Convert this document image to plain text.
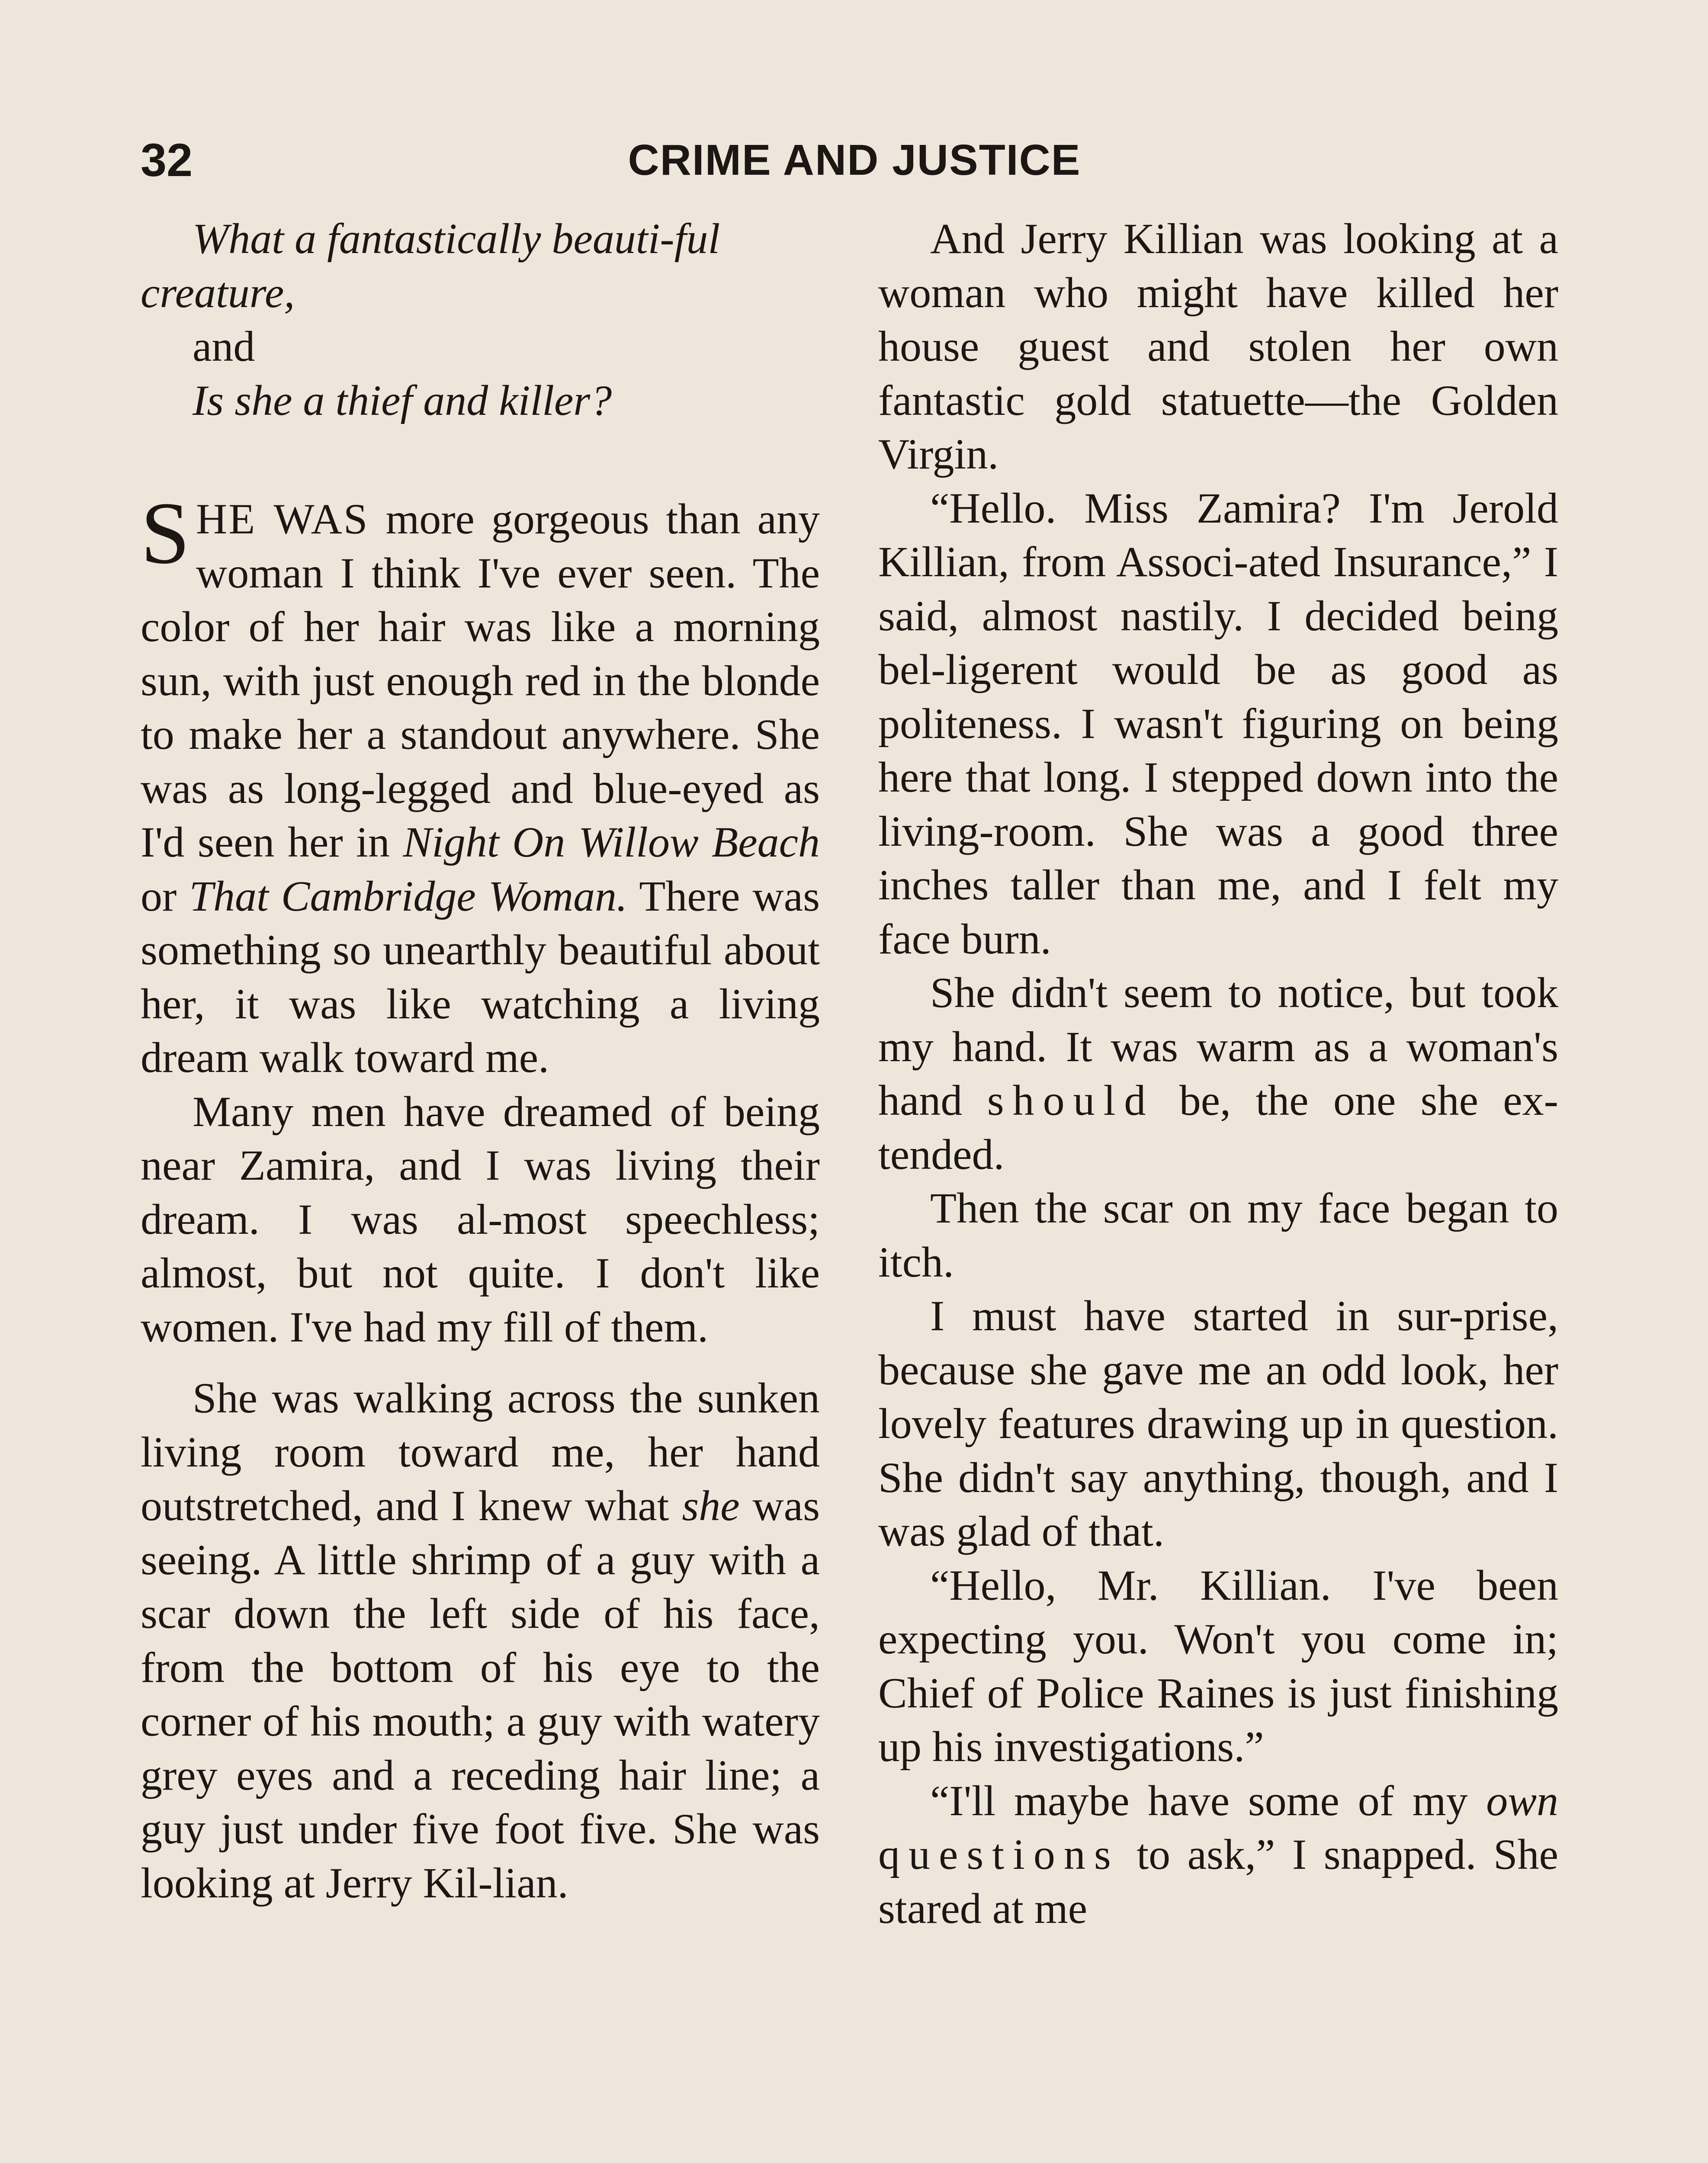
32	CRIME AND JUSTICE

What a fantastically beauti-ful creature,

and

Is she a thief and killer?

SHE WAS more gorgeous than any woman I think I've ever seen. The color of her hair was like a morning sun, with just enough red in the blonde to make her a standout anywhere. She was as long-legged and blue-eyed as I'd seen her in Night On Willow Beach or That Cambridge Woman. There was something so unearthly beautiful about her, it was like watching a living dream walk toward me.

Many men have dreamed of being near Zamira, and I was living their dream. I was al-most speechless; almost, but not quite. I don't like women. I've had my fill of them.

She was walking across the sunken living room toward me, her hand outstretched, and I knew what she was seeing. A little shrimp of a guy with a scar down the left side of his face, from the bottom of his eye to the corner of his mouth; a guy with watery grey eyes and a receding hair line; a guy just under five foot five. She was looking at Jerry Kil-lian.

And Jerry Killian was looking at a woman who might have killed her house guest and stolen her own fantastic gold statuette—the Golden Virgin.

“Hello. Miss Zamira? I'm Jerold Killian, from Associ-ated Insurance,” I said, almost nastily. I decided being bel-ligerent would be as good as politeness. I wasn't figuring on being here that long. I stepped down into the living-room. She was a good three inches taller than me, and I felt my face burn.

She didn't seem to notice, but took my hand. It was warm as a woman's hand should be, the one she ex-tended.

Then the scar on my face began to itch.

I must have started in sur-prise, because she gave me an odd look, her lovely features drawing up in question. She didn't say anything, though, and I was glad of that.

“Hello, Mr. Killian. I've been expecting you. Won't you come in; Chief of Police Raines is just finishing up his investigations.”

“I'll maybe have some of my own questions to ask,” I snapped. She stared at me
